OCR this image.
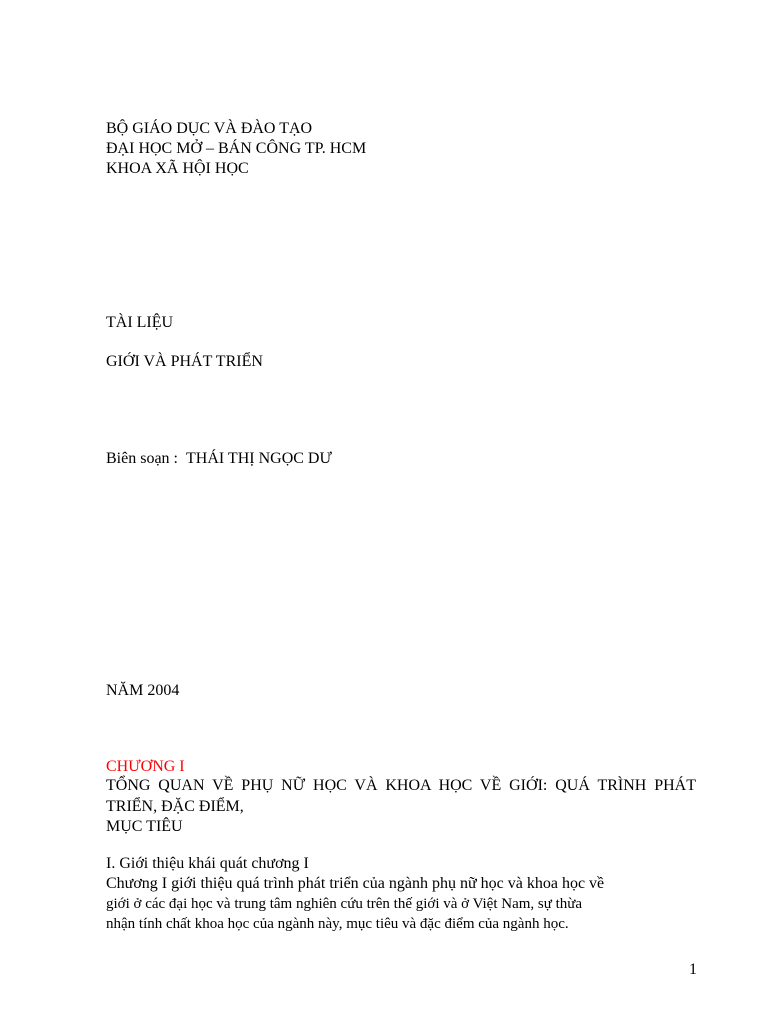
BỘ GIÁO DỤC VÀ ĐÀO TẠO
ĐẠI HỌC MỞ – BÁN CÔNG TP. HCM
KHOA XÃ HỘI HỌC
TÀI LIỆU
GIỚI VÀ PHÁT TRIỂN
Biên soạn : THÁI THỊ NGỌC DƯ
NĂM 2004
CHƯƠNG I
TỔNG QUAN VỀ PHỤ NỮ HỌC VÀ KHOA HỌC VỀ GIỚI: QUÁ TRÌNH PHÁT
TRIỂN, ĐẶC ĐIỂM,
MỤC TIÊU
I. Giới thiệu khái quát chương I
Chương I giới thiệu quá trình phát triển của ngành phụ nữ học và khoa học về
giới ở các đại học và trung tâm nghiên cứu trên thế giới và ở Việt Nam, sự thừa
nhận tính chất khoa học của ngành này, mục tiêu và đặc điểm của ngành học.
1
